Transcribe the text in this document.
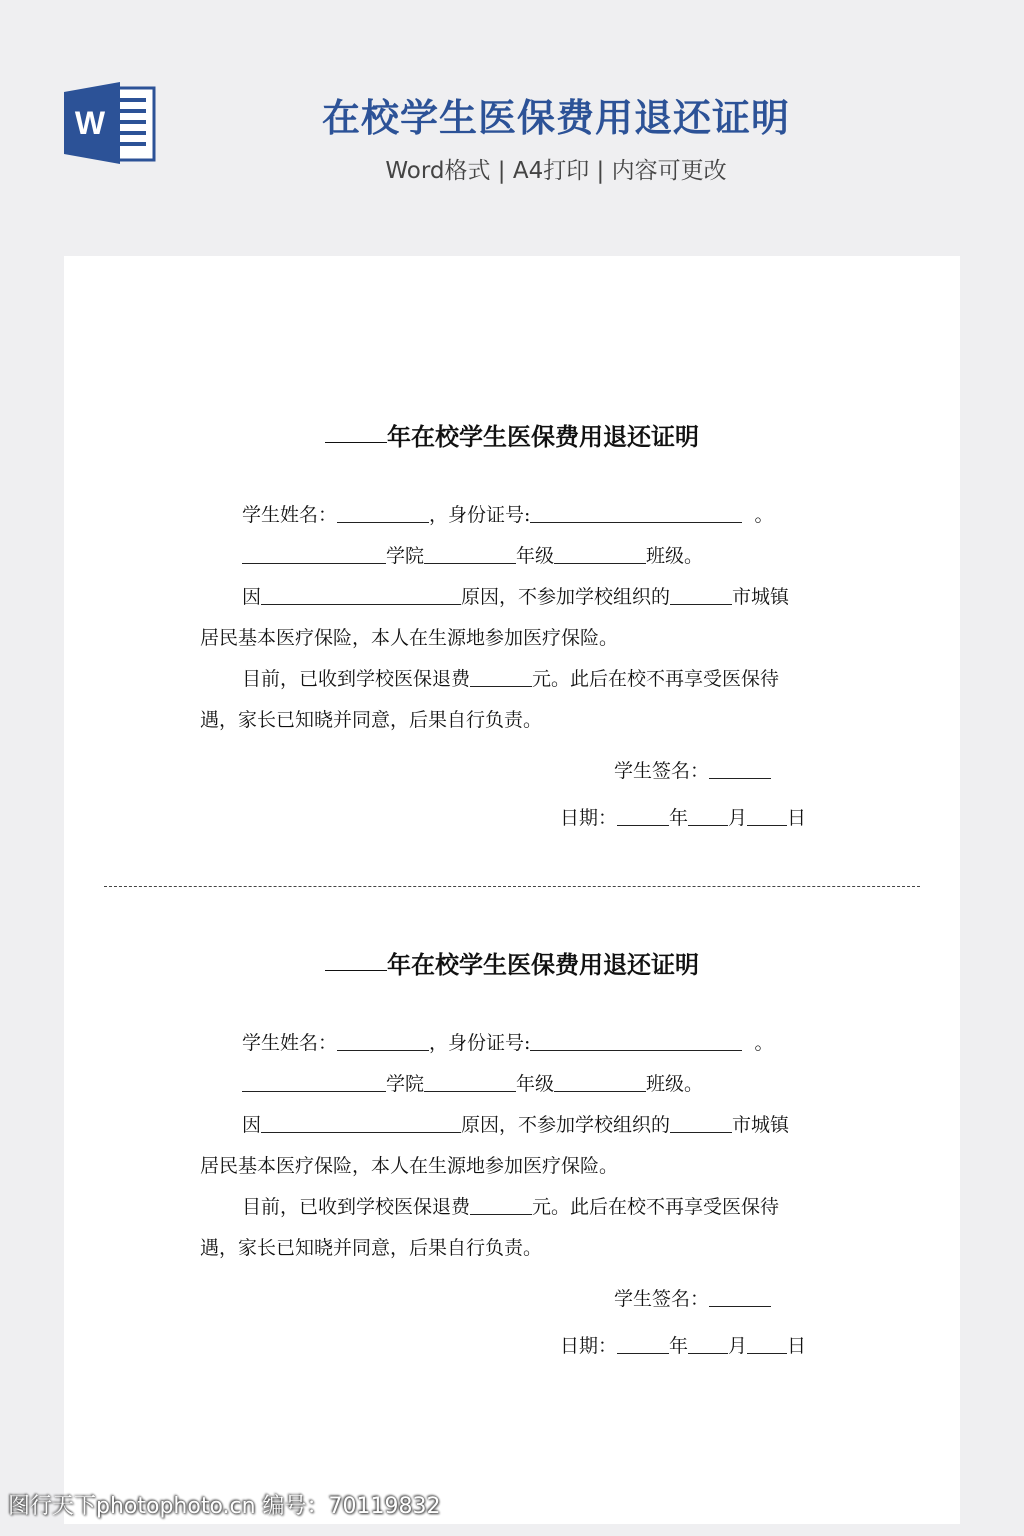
W	在校学生医保费用退还证明
Word格式 | A4打印 | 内容可更改
年在校学生医保费用退还证明
学生姓名：	，身份证号:	。
学院	年级	班级。
因	原因，不参加学校组织的	市城镇
居民基本医疗保险，本人在生源地参加医疗保险。
目前，已收到学校医保退费	元。此后在校不再享受医保待
遇，家长已知晓并同意，后果自行负责。
学生签名：
日期：	年 月 日
年在校学生医保费用退还证明
学生姓名：	，身份证号:	。
学院	年级	班级。
因	原因，不参加学校组织的	市城镇
居民基本医疗保险，本人在生源地参加医疗保险。
目前，已收到学校医保退费	元。此后在校不再享受医保待
遇，家长已知晓并同意，后果自行负责。
学生签名：
日期：	年 月 日
图行天下photophoto.cn 编号：70119832
